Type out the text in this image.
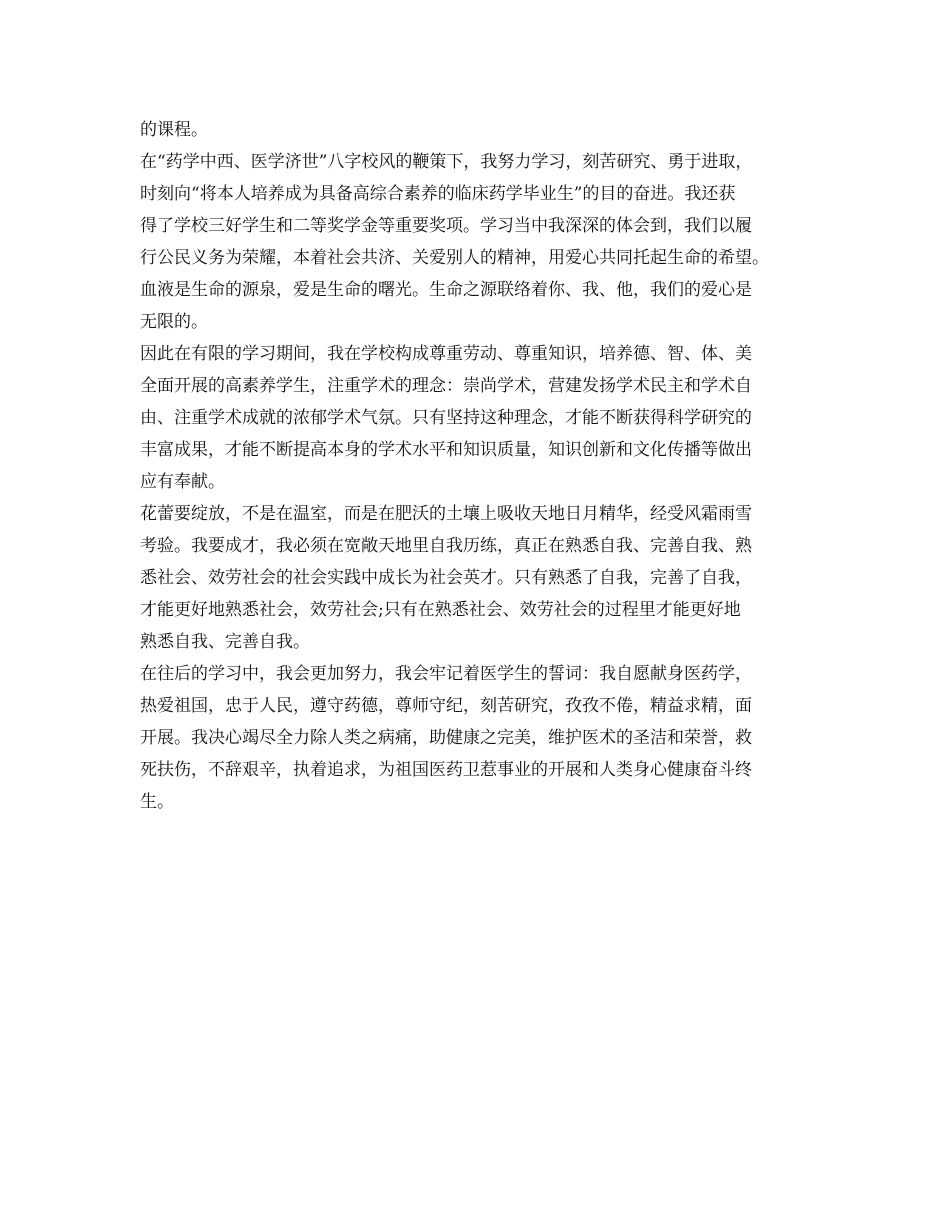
的课程。
在“药学中西、医学济世”八字校风的鞭策下，我努力学习，刻苦研究、勇于进取，
时刻向“将本人培养成为具备高综合素养的临床药学毕业生”的目的奋进。我还获
得了学校三好学生和二等奖学金等重要奖项。学习当中我深深的体会到，我们以履
行公民义务为荣耀，本着社会共济、关爱别人的精神，用爱心共同托起生命的希望。
血液是生命的源泉，爱是生命的曙光。生命之源联络着你、我、他，我们的爱心是
无限的。
因此在有限的学习期间，我在学校构成尊重劳动、尊重知识，培养德、智、体、美
全面开展的高素养学生，注重学术的理念：崇尚学术，营建发扬学术民主和学术自
由、注重学术成就的浓郁学术气氛。只有坚持这种理念，才能不断获得科学研究的
丰富成果，才能不断提高本身的学术水平和知识质量，知识创新和文化传播等做出
应有奉献。
花蕾要绽放，不是在温室，而是在肥沃的土壤上吸收天地日月精华，经受风霜雨雪
考验。我要成才，我必须在宽敞天地里自我历练，真正在熟悉自我、完善自我、熟
悉社会、效劳社会的社会实践中成长为社会英才。只有熟悉了自我，完善了自我，
才能更好地熟悉社会，效劳社会;只有在熟悉社会、效劳社会的过程里才能更好地
熟悉自我、完善自我。
在往后的学习中，我会更加努力，我会牢记着医学生的誓词：我自愿献身医药学，
热爱祖国，忠于人民，遵守药德，尊师守纪，刻苦研究，孜孜不倦，精益求精，面
开展。我决心竭尽全力除人类之病痛，助健康之完美，维护医术的圣洁和荣誉，救
死扶伤，不辞艰辛，执着追求，为祖国医药卫惹事业的开展和人类身心健康奋斗终
生。
